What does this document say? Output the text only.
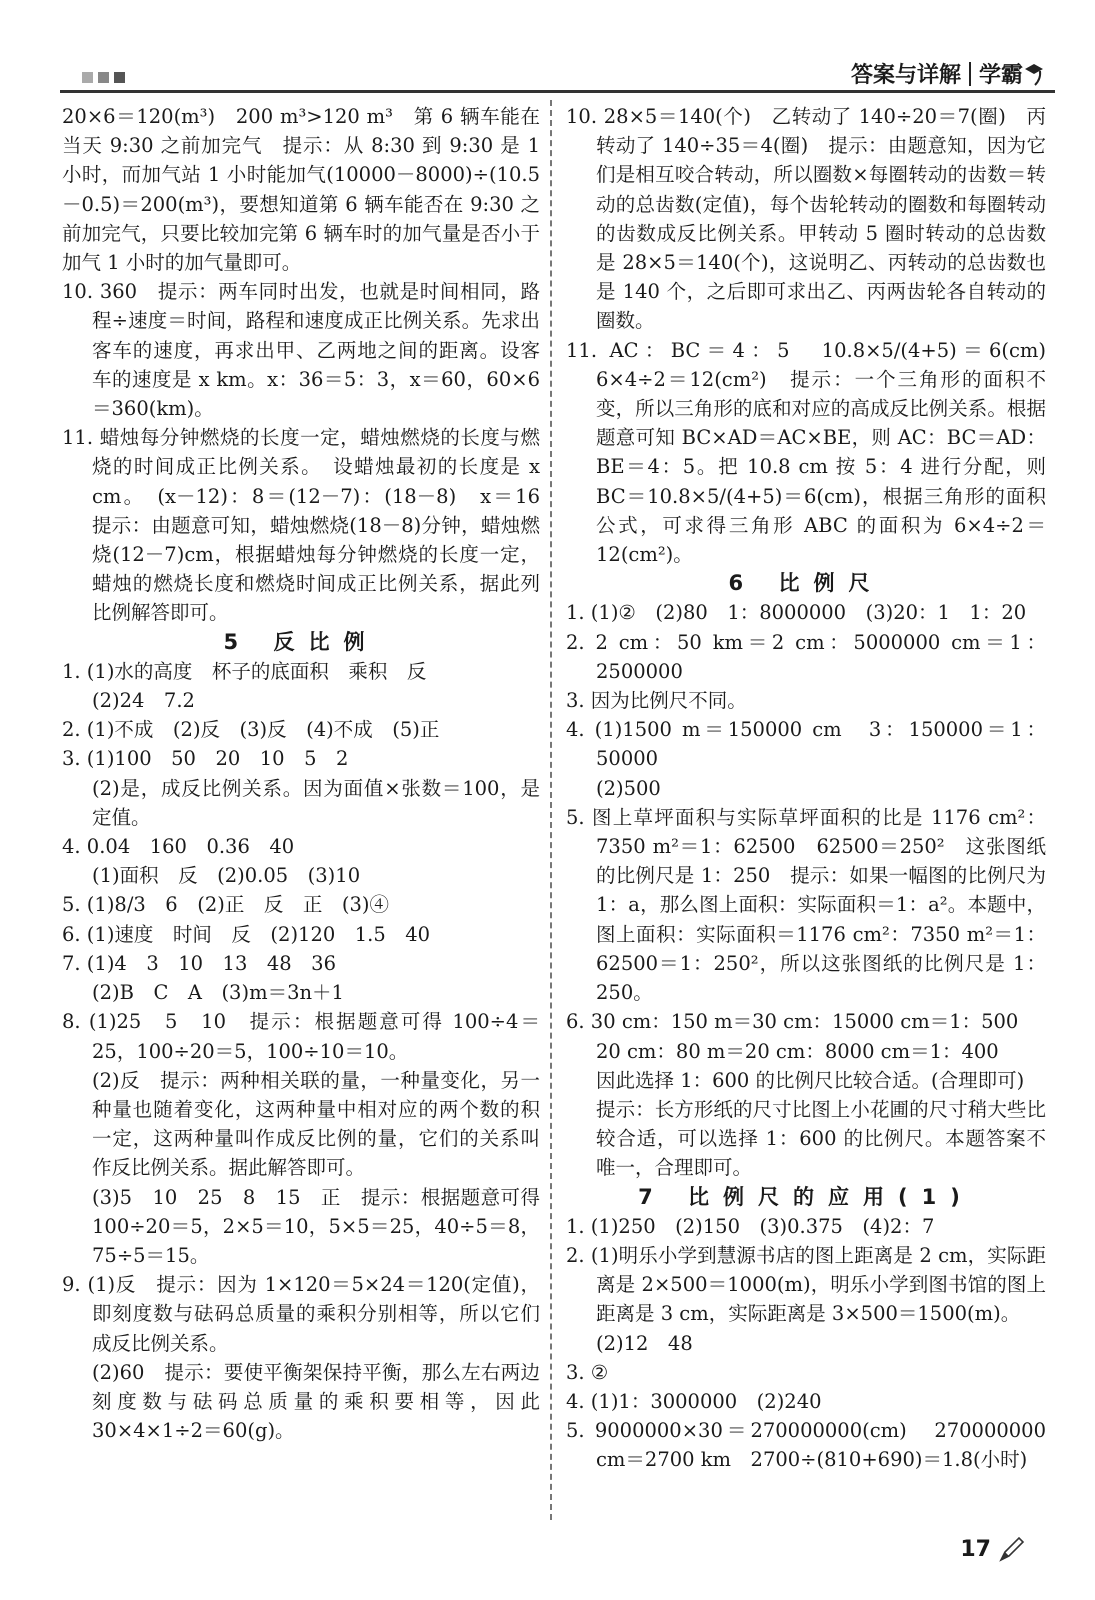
答案与详解 学霸
20×6＝120(m³)　200 m³>120 m³　第 6 辆车能在当天 9:30 之前加完气　提示：从 8:30 到 9:30 是 1 小时，而加气站 1 小时能加气(10000－8000)÷(10.5－0.5)＝200(m³)，要想知道第 6 辆车能否在 9:30 之前加完气，只要比较加完第 6 辆车时的加气量是否小于加气 1 小时的加气量即可。
10. 360　提示：两车同时出发，也就是时间相同，路程÷速度＝时间，路程和速度成正比例关系。先求出客车的速度，再求出甲、乙两地之间的距离。设客车的速度是 x km。x：36＝5：3，x＝60，60×6＝360(km)。
11. 蜡烛每分钟燃烧的长度一定，蜡烛燃烧的长度与燃烧的时间成正比例关系。　设蜡烛最初的长度是 x cm。　(x－12)：8＝(12－7)：(18－8)　x＝16　提示：由题意可知，蜡烛燃烧(18－8)分钟，蜡烛燃烧(12－7)cm，根据蜡烛每分钟燃烧的长度一定，蜡烛的燃烧长度和燃烧时间成正比例关系，据此列比例解答即可。
5 反比例
1. (1)水的高度　杯子的底面积　乘积　反
(2)24　7.2
2. (1)不成　(2)反　(3)反　(4)不成　(5)正
3. (1)100　50　20　10　5　2
(2)是，成反比例关系。因为面值×张数＝100，是定值。
4. 0.04　160　0.36　40
(1)面积　反　(2)0.05　(3)10
5. (1)8/3　6　(2)正　反　正　(3)④
6. (1)速度　时间　反　(2)120　1.5　40
7. (1)4　3　10　13　48　36
(2)B　C　A　(3)m＝3n＋1
8. (1)25　5　10　提示：根据题意可得 100÷4＝25，100÷20＝5，100÷10＝10。
(2)反　提示：两种相关联的量，一种量变化，另一种量也随着变化，这两种量中相对应的两个数的积一定，这两种量叫作成反比例的量，它们的关系叫作反比例关系。据此解答即可。
(3)5　10　25　8　15　正　提示：根据题意可得 100÷20＝5，2×5＝10，5×5＝25，40÷5＝8，75÷5＝15。
9. (1)反　提示：因为 1×120＝5×24＝120(定值)，即刻度数与砝码总质量的乘积分别相等，所以它们成反比例关系。
(2)60　提示：要使平衡架保持平衡，那么左右两边刻度数与砝码总质量的乘积要相等，因此 30×4×1÷2＝60(g)。
10. 28×5＝140(个)　乙转动了 140÷20＝7(圈)　丙转动了 140÷35＝4(圈)　提示：由题意知，因为它们是相互咬合转动，所以圈数×每圈转动的齿数＝转动的总齿数(定值)，每个齿轮转动的圈数和每圈转动的齿数成反比例关系。甲转动 5 圈时转动的总齿数是 28×5＝140(个)，这说明乙、丙转动的总齿数也是 140 个，之后即可求出乙、丙两齿轮各自转动的圈数。
11. AC：BC＝4：5　10.8×5/(4+5)＝6(cm)　6×4÷2＝12(cm²)　提示：一个三角形的面积不变，所以三角形的底和对应的高成反比例关系。根据题意可知 BC×AD＝AC×BE，则 AC：BC＝AD：BE＝4：5。把 10.8 cm 按 5：4 进行分配，则 BC＝10.8×5/(4+5)＝6(cm)，根据三角形的面积公式，可求得三角形 ABC 的面积为 6×4÷2＝12(cm²)。
6 比例尺
1. (1)②　(2)80　1：8000000　(3)20：1　1：20
2. 2 cm：50 km＝2 cm：5000000 cm＝1：2500000
3. 因为比例尺不同。
4. (1)1500 m＝150000 cm　3：150000＝1：50000
(2)500
5. 图上草坪面积与实际草坪面积的比是 1176 cm²：7350 m²＝1：62500　62500＝250²　这张图纸的比例尺是 1：250　提示：如果一幅图的比例尺为 1：a，那么图上面积：实际面积＝1：a²。本题中，图上面积：实际面积＝1176 cm²：7350 m²＝1：62500＝1：250²，所以这张图纸的比例尺是 1：250。
6. 30 cm：150 m＝30 cm：15000 cm＝1：500
20 cm：80 m＝20 cm：8000 cm＝1：400
因此选择 1：600 的比例尺比较合适。(合理即可)
提示：长方形纸的尺寸比图上小花圃的尺寸稍大些比较合适，可以选择 1：600 的比例尺。本题答案不唯一，合理即可。
7 比例尺的应用(1)
1. (1)250　(2)150　(3)0.375　(4)2：7
2. (1)明乐小学到慧源书店的图上距离是 2 cm，实际距离是 2×500＝1000(m)，明乐小学到图书馆的图上距离是 3 cm，实际距离是 3×500＝1500(m)。
(2)12　48
3. ②
4. (1)1：3000000　(2)240
5. 9000000×30＝270000000(cm)　270000000 cm＝2700 km　2700÷(810+690)＝1.8(小时)
17
